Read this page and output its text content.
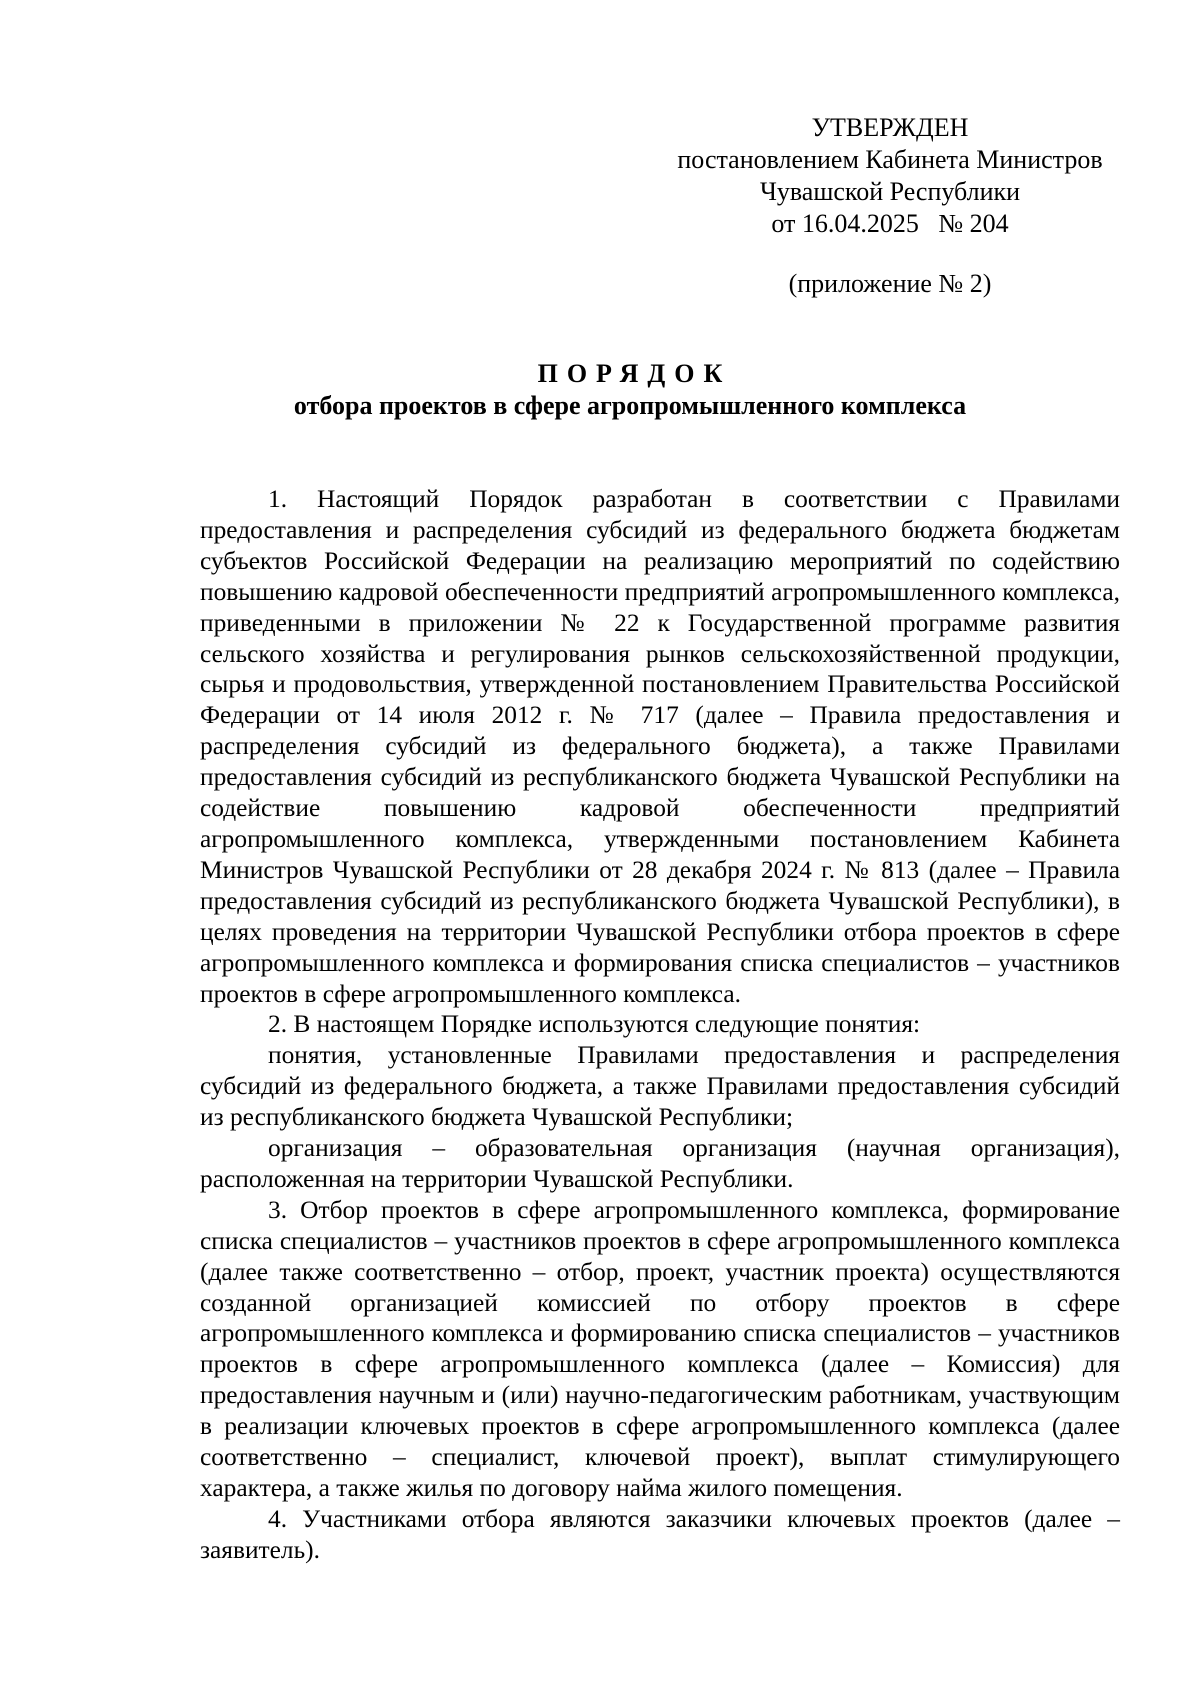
УТВЕРЖДЕН
постановлением Кабинета Министров
Чувашской Республики
от 16.04.2025   № 204
(приложение № 2)
ПОРЯДОК
отбора проектов в сфере агропромышленного комплекса

1. Настоящий Порядок разработан в соответствии с Правилами предоставления и распределения субсидий из федерального бюджета бюджетам субъектов Российской Федерации на реализацию мероприятий по содействию повышению кадровой обеспеченности предприятий агропромышленного комплекса, приведенными в приложении № 22 к Государственной программе развития сельского хозяйства и регулирования рынков сельскохозяйственной продукции, сырья и продовольствия, утвержденной постановлением Правительства Российской Федерации от 14 июля 2012 г. № 717 (далее – Правила предоставления и распределения субсидий из федерального бюджета), а также Правилами предоставления субсидий из республиканского бюджета Чувашской Республики на содействие повышению кадровой обеспеченности предприятий агропромышленного комплекса, утвержденными постановлением Кабинета Министров Чувашской Республики от 28 декабря 2024 г. № 813 (далее – Правила предоставления субсидий из республиканского бюджета Чувашской Республики), в целях проведения на территории Чувашской Республики отбора проектов в сфере агропромышленного комплекса и формирования списка специалистов – участников проектов в сфере агропромышленного комплекса.

2. В настоящем Порядке используются следующие понятия:

понятия, установленные Правилами предоставления и распределения субсидий из федерального бюджета, а также Правилами предоставления субсидий из республиканского бюджета Чувашской Республики;

организация – образовательная организация (научная организация), расположенная на территории Чувашской Республики.

3. Отбор проектов в сфере агропромышленного комплекса, формирование списка специалистов – участников проектов в сфере агропромышленного комплекса (далее также соответственно – отбор, проект, участник проекта) осуществляются созданной организацией комиссией по отбору проектов в сфере агропромышленного комплекса и формированию списка специалистов – участников проектов в сфере агропромышленного комплекса (далее – Комиссия) для предоставления научным и (или) научно-педагогическим работникам, участвующим в реализации ключевых проектов в сфере агропромышленного комплекса (далее соответственно – специалист, ключевой проект), выплат стимулирующего характера, а также жилья по договору найма жилого помещения.

4. Участниками отбора являются заказчики ключевых проектов (далее – заявитель).
